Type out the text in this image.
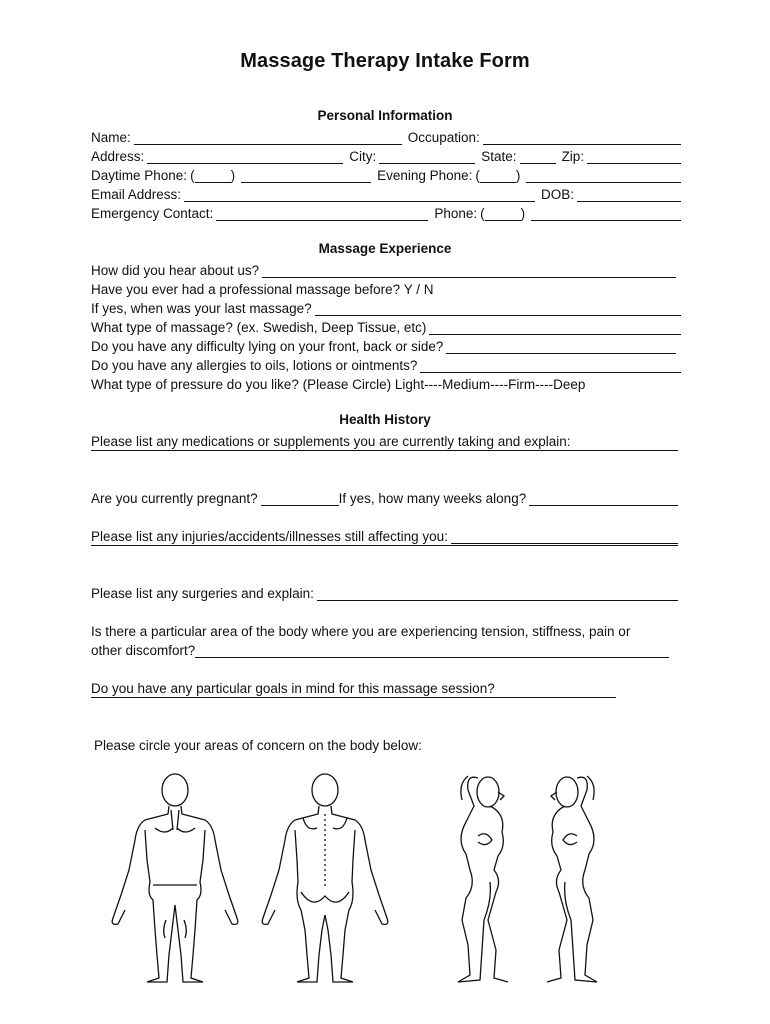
Massage Therapy Intake Form
Personal Information
Name:	Occupation:
Address:	City:	State:	Zip:
Daytime Phone: (	)	Evening Phone: (	)
Email Address:	DOB:
Emergency Contact:	Phone: (	)
Massage Experience
How did you hear about us?
Have you ever had a professional massage before? Y / N
If yes, when was your last massage?
What type of massage? (ex. Swedish, Deep Tissue, etc)
Do you have any difficulty lying on your front, back or side?
Do you have any allergies to oils, lotions or ointments?
What type of pressure do you like? (Please Circle) Light----Medium----Firm----Deep
Health History
Please list any medications or supplements you are currently taking and explain:
Are you currently pregnant?	If yes, how many weeks along?
Please list any injuries/accidents/illnesses still affecting you:
Please list any surgeries and explain:
Is there a particular area of the body where you are experiencing tension, stiffness, pain or
other discomfort?
Do you have any particular goals in mind for this massage session?
Please circle your areas of concern on the body below:
